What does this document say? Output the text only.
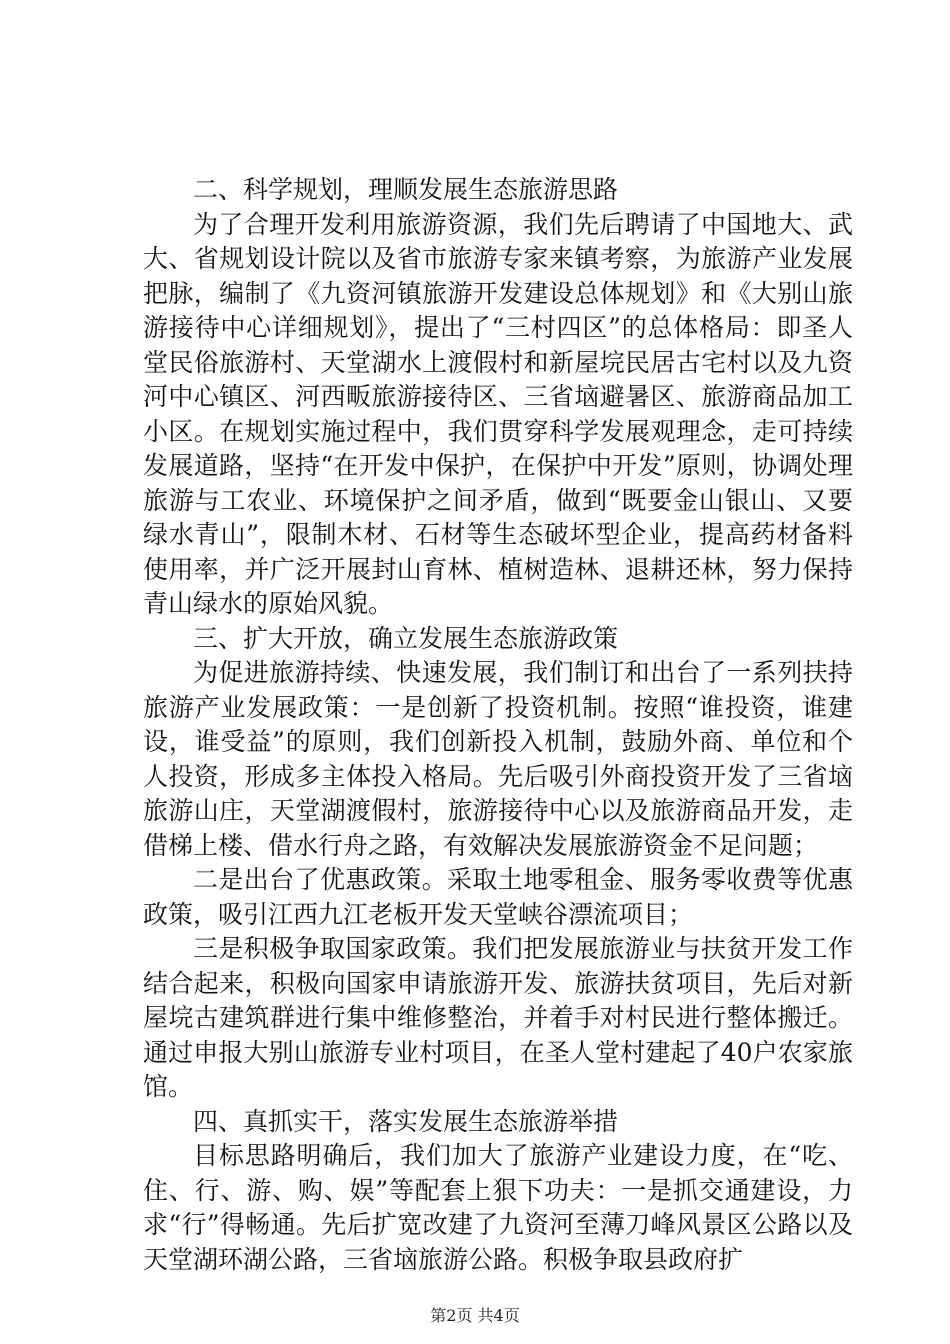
二、科学规划，理顺发展生态旅游思路

为了合理开发利用旅游资源，我们先后聘请了中国地大、武大、省规划设计院以及省市旅游专家来镇考察，为旅游产业发展把脉，编制了《九资河镇旅游开发建设总体规划》和《大别山旅游接待中心详细规划》，提出了“三村四区”的总体格局：即圣人堂民俗旅游村、天堂湖水上渡假村和新屋垸民居古宅村以及九资河中心镇区、河西畈旅游接待区、三省垴避暑区、旅游商品加工小区。在规划实施过程中，我们贯穿科学发展观理念，走可持续发展道路，坚持“在开发中保护，在保护中开发”原则，协调处理旅游与工农业、环境保护之间矛盾，做到“既要金山银山、又要绿水青山”，限制木材、石材等生态破坏型企业，提高药材备料使用率，并广泛开展封山育林、植树造林、退耕还林，努力保持青山绿水的原始风貌。

三、扩大开放，确立发展生态旅游政策

为促进旅游持续、快速发展，我们制订和出台了一系列扶持旅游产业发展政策：一是创新了投资机制。按照“谁投资，谁建设，谁受益”的原则，我们创新投入机制，鼓励外商、单位和个人投资，形成多主体投入格局。先后吸引外商投资开发了三省垴旅游山庄，天堂湖渡假村，旅游接待中心以及旅游商品开发，走借梯上楼、借水行舟之路，有效解决发展旅游资金不足问题；

二是出台了优惠政策。采取土地零租金、服务零收费等优惠政策，吸引江西九江老板开发天堂峡谷漂流项目；

三是积极争取国家政策。我们把发展旅游业与扶贫开发工作结合起来，积极向国家申请旅游开发、旅游扶贫项目，先后对新屋垸古建筑群进行集中维修整治，并着手对村民进行整体搬迁。通过申报大别山旅游专业村项目，在圣人堂村建起了40户农家旅馆。

四、真抓实干，落实发展生态旅游举措

目标思路明确后，我们加大了旅游产业建设力度，在“吃、住、行、游、购、娱”等配套上狠下功夫：一是抓交通建设，力求“行”得畅通。先后扩宽改建了九资河至薄刀峰风景区公路以及天堂湖环湖公路，三省垴旅游公路。积极争取县政府扩

第2页 共4页
